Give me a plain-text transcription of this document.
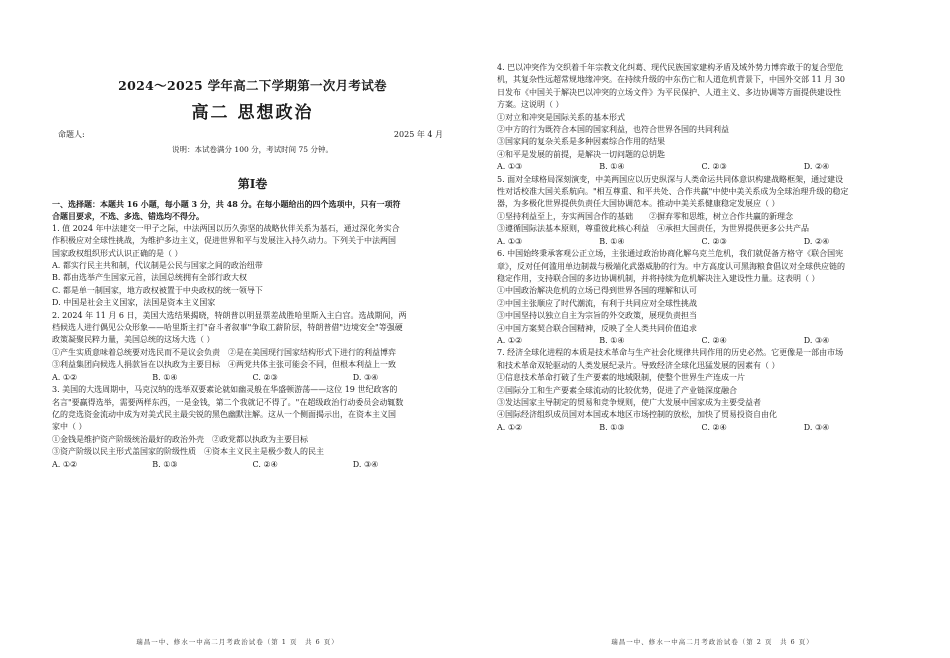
2024～2025 学年高二下学期第一次月考试卷
高二 思想政治
命题人:	2025 年 4 月
说明：本试卷满分 100 分，考试时间 75 分钟。
第Ⅰ卷
一、选择题：本题共 16 小题，每小题 3 分，共 48 分。在每小题给出的四个选项中，只有一项符
合题目要求，不选、多选、错选均不得分。
1. 值 2024 年中法建交一甲子之际，中法两国以历久弥坚的战略伙伴关系为基石，通过深化务实合
作积极应对全球性挑战，为维护多边主义，促进世界和平与发展注入持久动力。下列关于中法两国
国家政权组织形式认识正确的是（ ）
A. 都实行民主共和制，代议制是公民与国家之间的政治纽带
B. 都由选举产生国家元首，法国总统拥有全部行政大权
C. 都是单一制国家，地方政权被置于中央政权的统一领导下
D. 中国是社会主义国家，法国是资本主义国家
2. 2024 年 11 月 6 日，美国大选结果揭晓，特朗普以明显票差战胜哈里斯入主白宫。选战期间，两
档候选人进行偶见公众形象——哈里斯主打"奋斗者叙事"争取工薪阶层，特朗普借"边境安全"等强硬
政策凝聚民粹力量，美国总统的这场大选（ ）
①产生实质意味着总统要对选民而不是议会负责　②是在美国现行国家结构形式下进行的利益博弈
③利益集团向候选人捐款旨在以执政为主要目标　④两党共体主张可能会不同，但根本利益上一致
A. ①②	B. ①④	C. ②③	D. ③④
3. 美国的大选周期中，马克汉纳的选举双要素论就如幽灵般在华盛顿游荡——这位 19 世纪政客的
名言"要赢得选举，需要两样东西，一是金钱，第二个我就记不得了。"在超级政治行动委员会动辄数
亿的竞选资金流动中成为对美式民主最尖锐的黑色幽默注解。这从一个侧面揭示出，在资本主义国
家中（ ）
①金钱是维护资产阶级统治最好的政治外壳　②政党都以执政为主要目标
③资产阶级以民主形式盖国家的阶级性质　④资本主义民主是极少数人的民主
A. ①②	B. ①③	C. ②④	D. ③④
瑞昌一中、修水一中高二月考政治试卷（第 1 页　共 6 页）
4. 巴以冲突作为交织着千年宗教文化纠葛、现代民族国家建构矛盾及域外势力博弈敢于的复合型危
机，其复杂性远超常规地缘冲突。在持续升级的中东伤亡和人道危机背景下，中国外交部 11 月 30
日发布《中国关于解决巴以冲突的立场文件》为平民保护、人道主义、多边协调等方面提供建设性
方案。这说明（ ）
①对立和冲突是国际关系的基本形式
②中方的行为既符合本国的国家利益，也符合世界各国的共同利益
③国家间的复杂关系是多种因素综合作用的结果
④和平是发展的前提，是解决一切问题的总钥匙
A. ①③	B. ①④	C. ②③	D. ②④
5. 面对全球格局深刻演变，中美两国应以历史纵深与人类命运共同体意识构建战略框架，通过建设
性对话校准大国关系航向。"相互尊重、和平共处、合作共赢"中使中美关系成为全球治理升级的稳定
器，为多极化世界提供负责任大国协调范本。推动中美关系健康稳定发展应（ ）
①坚持利益至上，夯实两国合作的基础　　②摒弃零和思维，树立合作共赢的新理念
③遵循国际法基本原则，尊重彼此核心利益　④承担大国责任，为世界提供更多公共产品
A. ①③	B. ①④	C. ②③	D. ②④
6. 中国始终秉承客观公正立场，主张通过政治协商化解乌克兰危机，我们就促备方格守《联合国宪
章》，反对任何滥用单边制裁与极端化武器威胁的行为。中方高度认可黑海粮食倡议对全球供应链的
稳定作用，支持联合国的多边协调机制，并将持续为危机解决注入建设性力量。这表明（ ）
①中国政治解决危机的立场已得到世界各国的理解和认可
②中国主张顺应了时代潮流，有利于共同应对全球性挑战
③中国坚持以独立自主为宗旨的外交政策，展现负责担当
④中国方案契合联合国精神，反映了全人类共同价值追求
A. ①②	B. ①④	C. ②④	D. ③④
7. 经济全球化进程的本质是技术革命与生产社会化规律共同作用的历史必然。它更像是一部由市场
和技术革命双轮驱动的人类发展纪录片。导致经济全球化迅猛发展的因素有（ ）
①信息技术革命打破了生产要素的地域限制，使整个世界生产连成一片
②国际分工和生产要素全球流动的比较优势，促进了产业链深度融合
③发达国家主导制定的贸易和竞争规则，使广大发展中国家成为主要受益者
④国际经济组织成员国对本国或本地区市场控制的放松，加快了贸易投资自由化
A. ①②	B. ①③	C. ②④	D. ③④
瑞昌一中、修水一中高二月考政治试卷（第 2 页　共 6 页）
